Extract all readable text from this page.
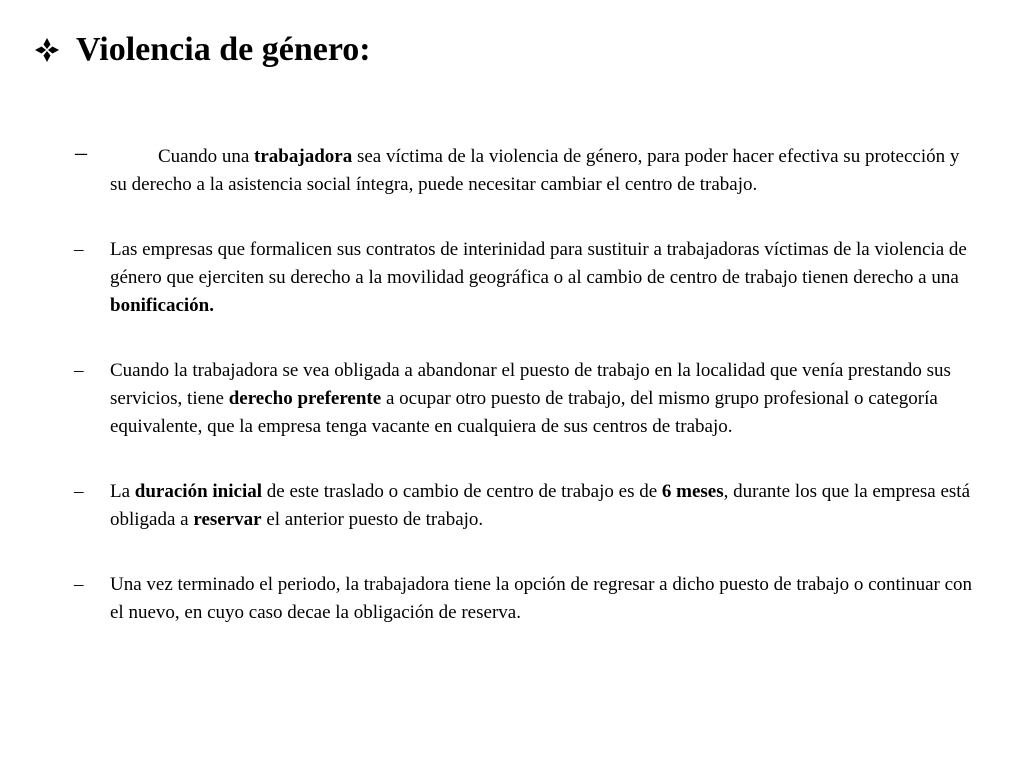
Violencia de género:
–	Cuando una trabajadora sea víctima de la violencia de género, para poder hacer efectiva su protección y su derecho a la asistencia social íntegra, puede necesitar cambiar el centro de trabajo.
– Las empresas que formalicen sus contratos de interinidad para sustituir a trabajadoras víctimas de la violencia de género que ejerciten su derecho a la movilidad geográfica o al cambio de centro de trabajo tienen derecho a una bonificación.
– Cuando la trabajadora se vea obligada a abandonar el puesto de trabajo en la localidad que venía prestando sus servicios, tiene derecho preferente a ocupar otro puesto de trabajo, del mismo grupo profesional o categoría equivalente, que la empresa tenga vacante en cualquiera de sus centros de trabajo.
– La duración inicial de este traslado o cambio de centro de trabajo es de 6 meses, durante los que la empresa está obligada a reservar el anterior puesto de trabajo.
– Una vez terminado el periodo, la trabajadora tiene la opción de regresar a dicho puesto de trabajo o continuar con el nuevo, en cuyo caso decae la obligación de reserva.
